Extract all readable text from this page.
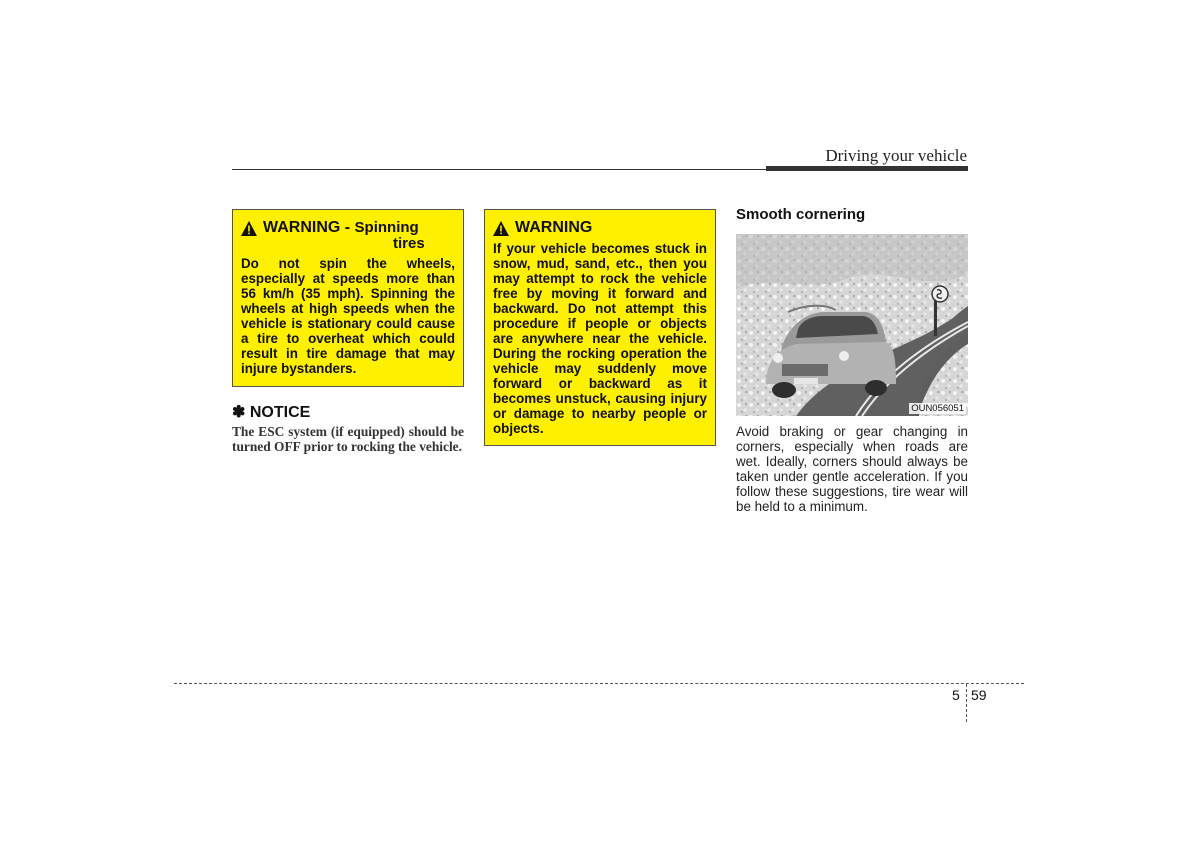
Driving your vehicle
WARNING - Spinning
tires
Do not spin the wheels, especially at speeds more than 56 km/h (35 mph). Spinning the wheels at high speeds when the vehicle is stationary could cause a tire to overheat which could result in tire damage that may injure bystanders.
✽ NOTICE
The ESC system (if equipped) should be turned OFF prior to rocking the vehicle.
WARNING
If your vehicle becomes stuck in snow, mud, sand, etc., then you may attempt to rock the vehicle free by moving it forward and backward. Do not attempt this procedure if people or objects are anywhere near the vehicle. During the rocking operation the vehicle may suddenly move forward or backward as it becomes unstuck, causing injury or damage to nearby people or objects.
Smooth cornering
OUN056051
Avoid braking or gear changing in corners, especially when roads are wet. Ideally, corners should always be taken under gentle acceleration. If you follow these suggestions, tire wear will be held to a minimum.
5 59
